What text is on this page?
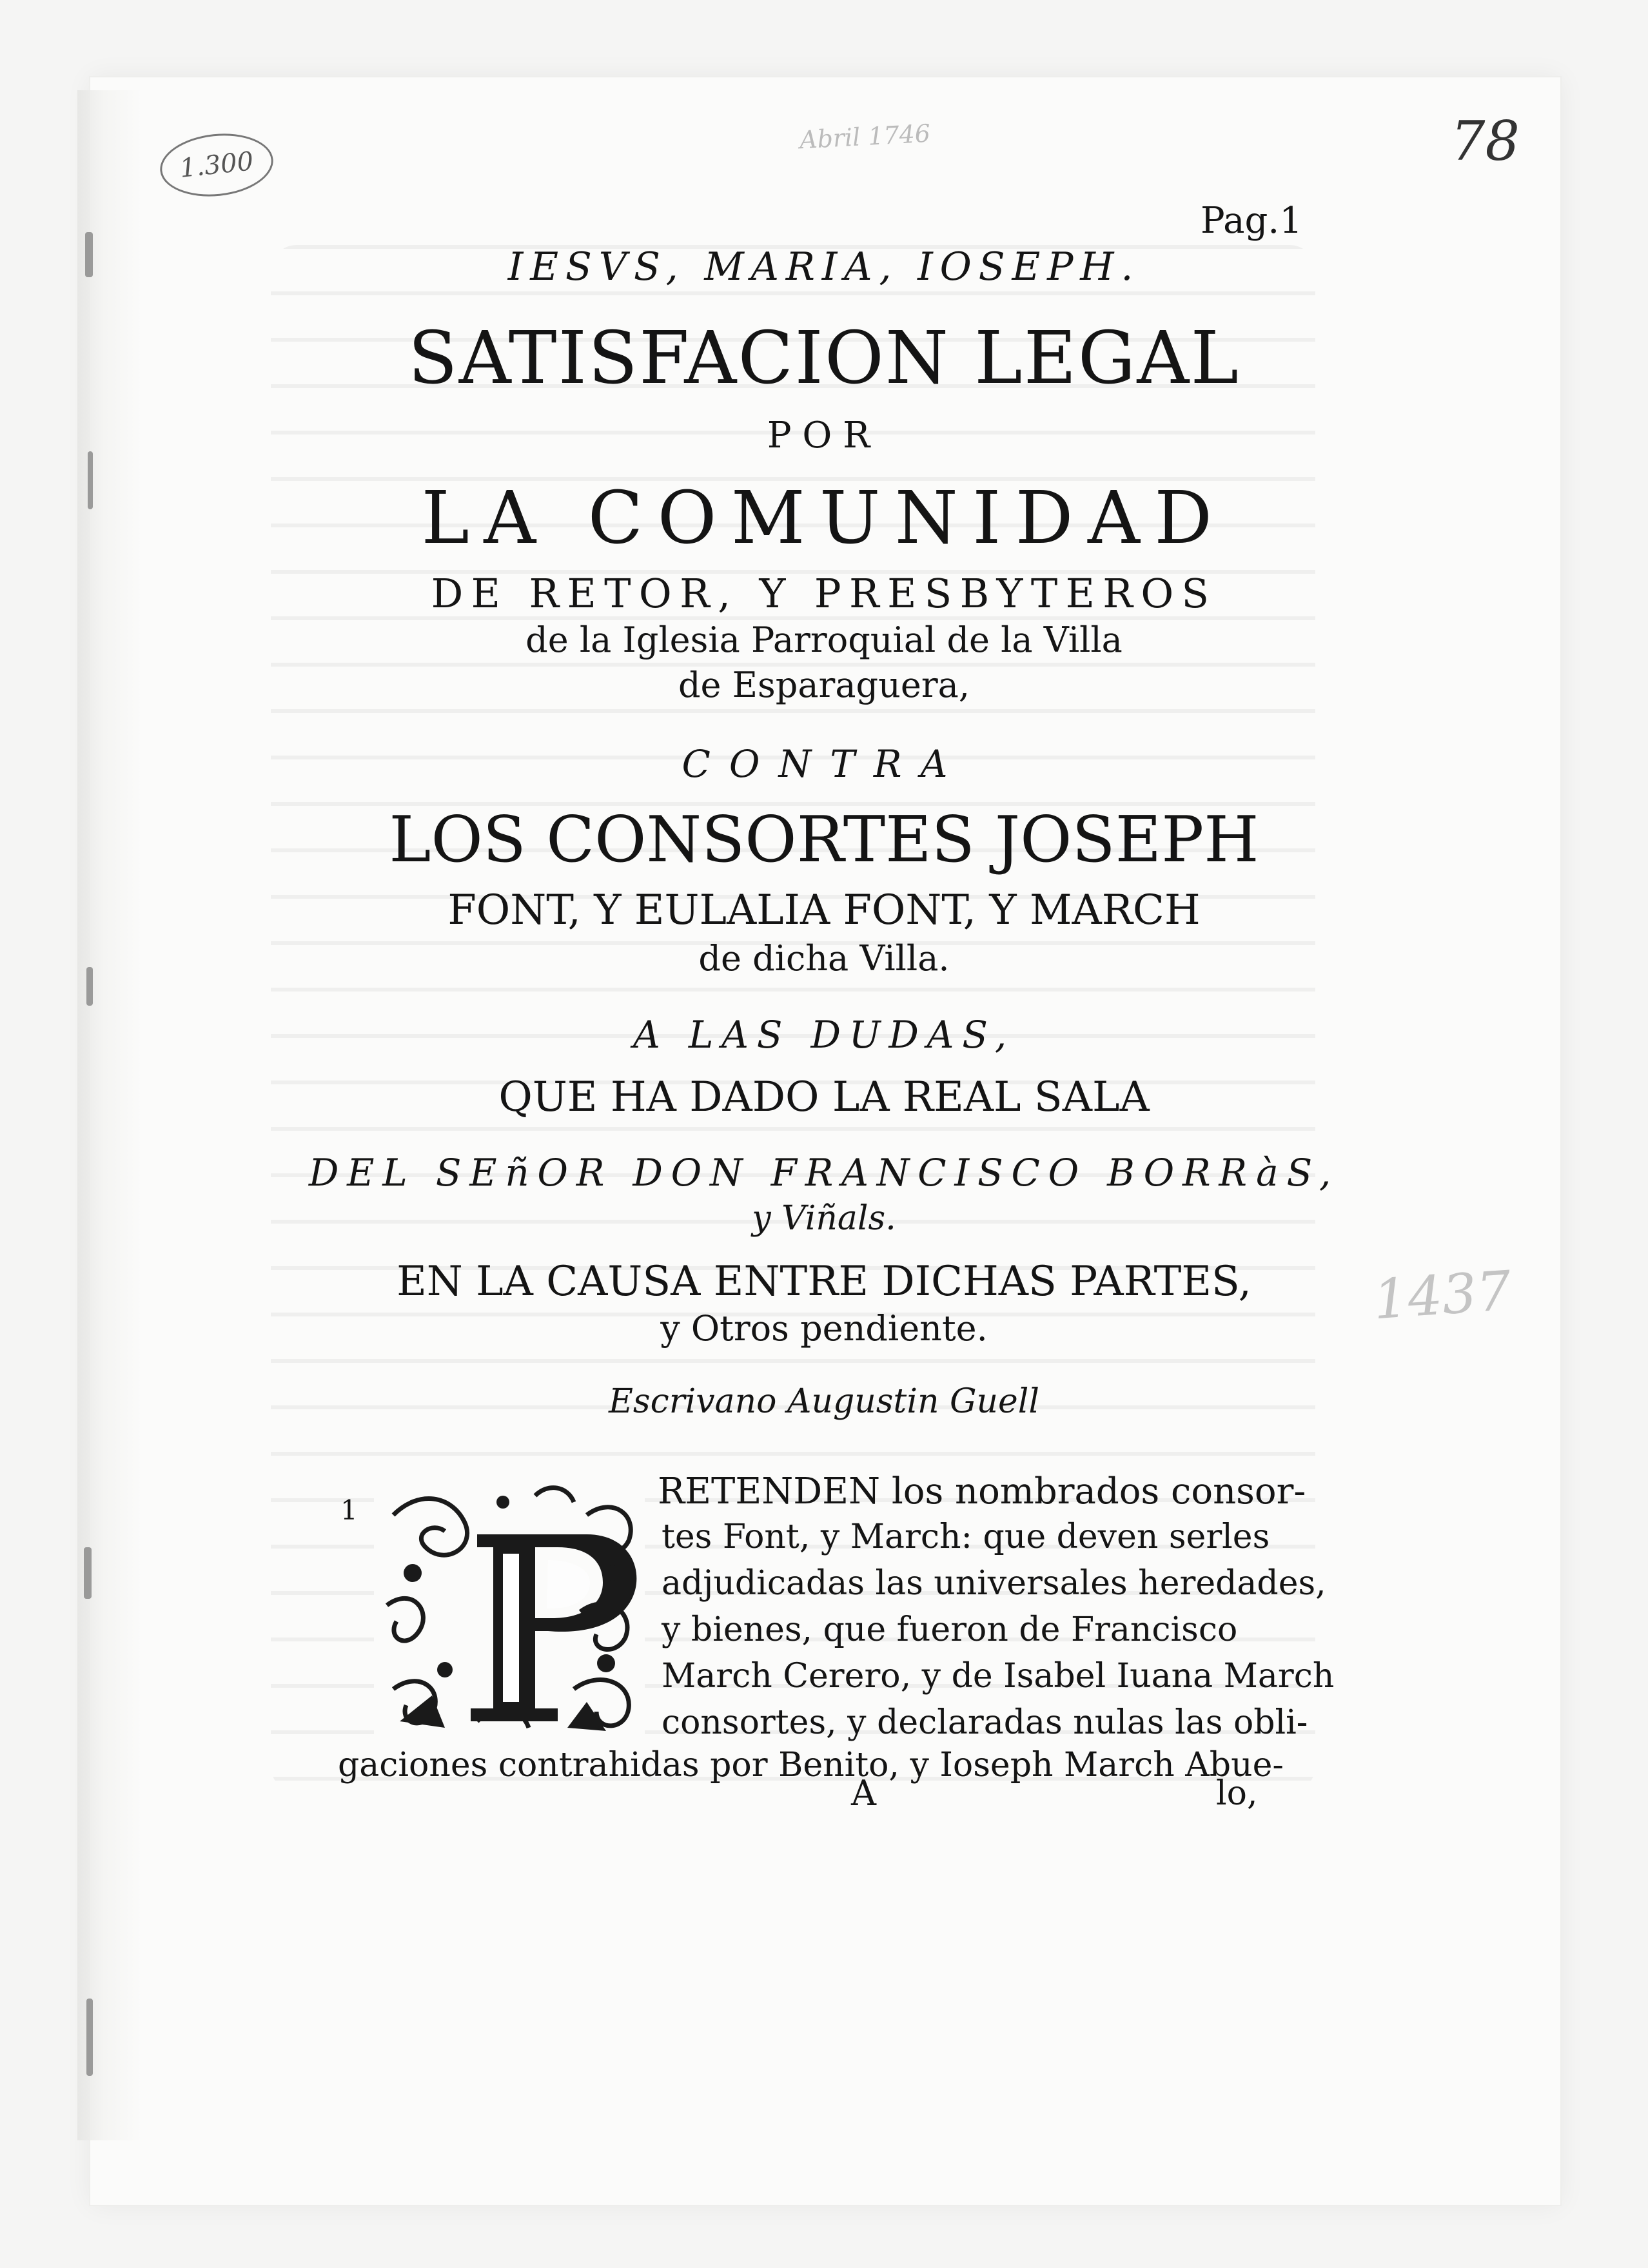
1.300
Abril 1746	78
Pag.1
IESVS, MARIA, IOSEPH.
SATISFACION LEGAL
POR
LA COMUNIDAD
DE RETOR, Y PRESBYTEROS
de la Iglesia Parroquial de la Villa
de Esparaguera,
CONTRA
LOS CONSORTES JOSEPH
FONT, Y EULALIA FONT, Y MARCH
de dicha Villa.
A LAS DUDAS,
QUE HA DADO LA REAL SALA
DEL SEñOR DON FRANCISCO BORRàS,
y Viñals.
EN LA CAUSA ENTRE DICHAS PARTES,
y Otros pendiente.
Escrivano Augustin Guell
1437
1	RETENDEN los nombrados consor-
tes Font, y March: que deven serles
adjudicadas las universales heredades,
y bienes, que fueron de Francisco
March Cerero, y de Isabel Iuana March
consortes, y declaradas nulas las obli-
gaciones contrahidas por Benito, y Ioseph March Abue-
A	lo,
